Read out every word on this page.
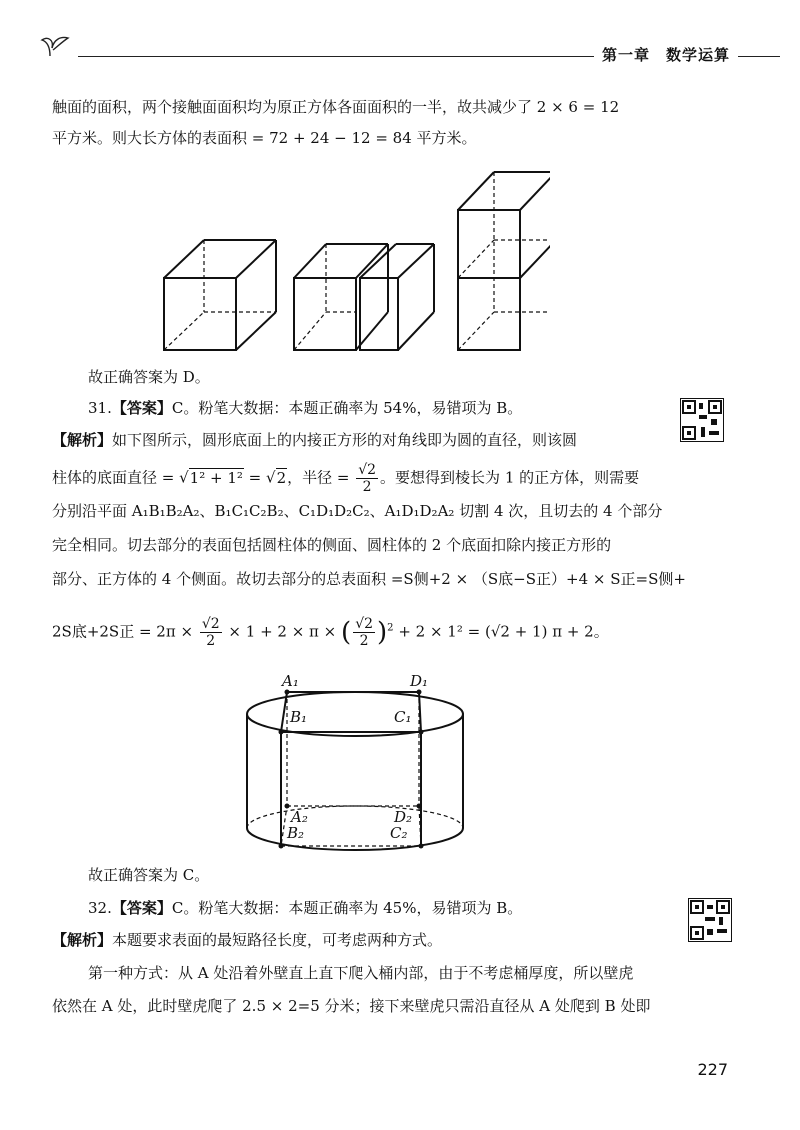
第一章　数学运算
触面的面积，两个接触面面积均为原正方体各面面积的一半，故共减少了 2 × 6 = 12
平方米。则大长方体的表面积 = 72 + 24 − 12 = 84 平方米。
故正确答案为 D。
31.【答案】C。粉笔大数据：本题正确率为 54%，易错项为 B。
【解析】如下图所示，圆形底面上的内接正方形的对角线即为圆的直径，则该圆
柱体的底面直径 = √1² + 1² = √2，半径 = $\frac{√2}{2}$ 。要想得到棱长为 1 的正方体，则需要
分别沿平面 A₁B₁B₂A₂、B₁C₁C₂B₂、C₁D₁D₂C₂、A₁D₁D₂A₂ 切割 4 次，且切去的 4 个部分
完全相同。切去部分的表面包括圆柱体的侧面、圆柱体的 2 个底面扣除内接正方形的
部分、正方体的 4 个侧面。故切去部分的总表面积 =S侧+2 × （S底−S正）+4 × S正=S侧+
2S底+2S正 = $2\pi \times \frac{√2}{2} \times 1 + 2 \times \pi$ × ( $\frac{√2}{2} )^2 + 2 \times 1^2 = (√2 + 1)$ π + 2。
A₁	D₁
B₁	C₁
A₂	D₂
B₂	C₂
故正确答案为 C。
32.【答案】C。粉笔大数据：本题正确率为 45%，易错项为 B。
【解析】本题要求表面的最短路径长度，可考虑两种方式。
第一种方式：从 A 处沿着外壁直上直下爬入桶内部，由于不考虑桶厚度，所以壁虎
依然在 A 处，此时壁虎爬了 2.5 × 2=5 分米；接下来壁虎只需沿直径从 A 处爬到 B 处即
227
